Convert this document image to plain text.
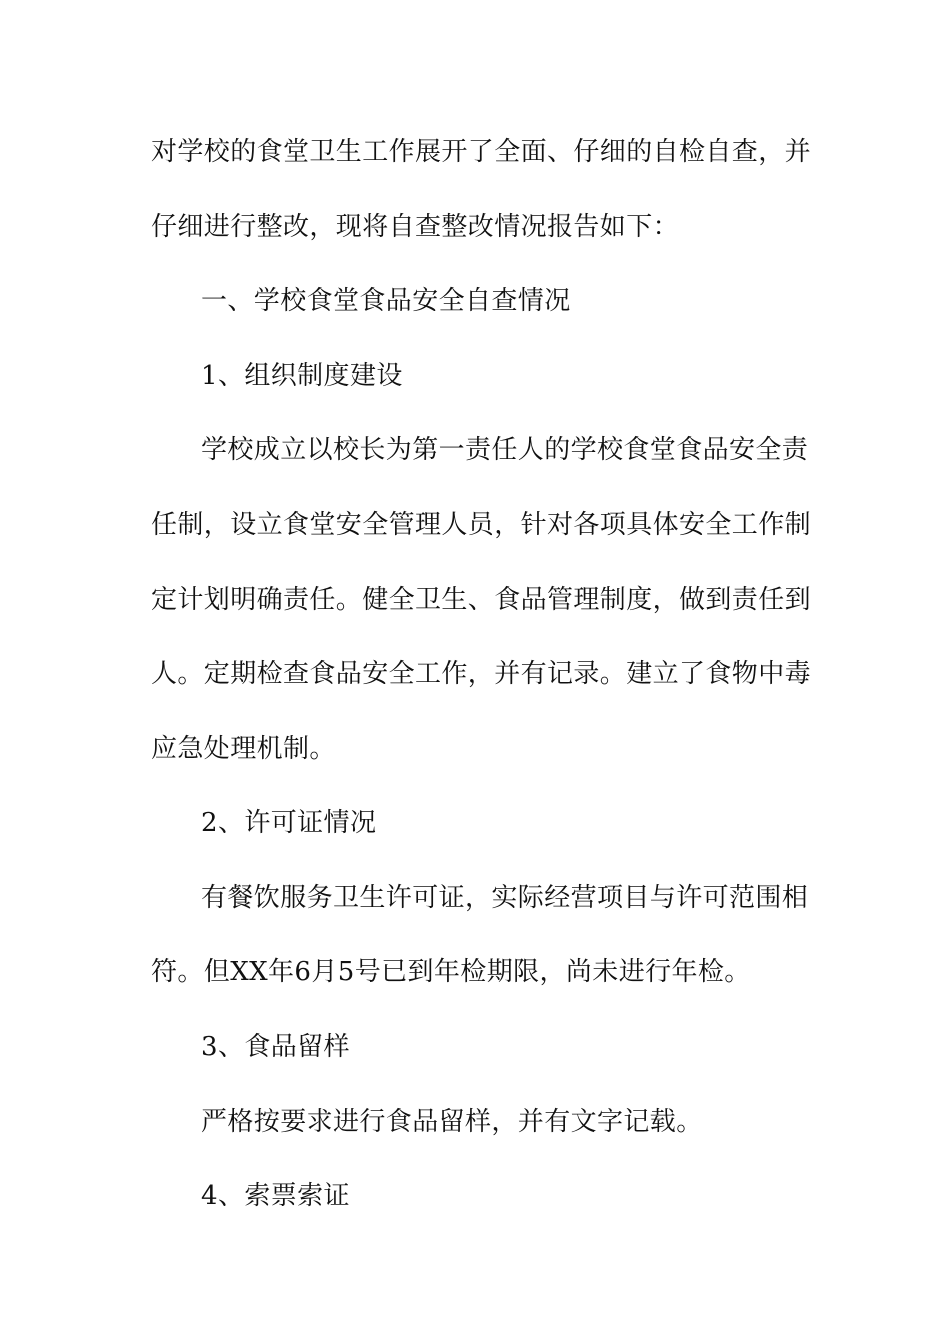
对学校的食堂卫生工作展开了全面、仔细的自检自查，并
仔细进行整改，现将自查整改情况报告如下：
一、学校食堂食品安全自查情况
1、组织制度建设
学校成立以校长为第一责任人的学校食堂食品安全责
任制，设立食堂安全管理人员，针对各项具体安全工作制
定计划明确责任。健全卫生、食品管理制度，做到责任到
人。定期检查食品安全工作，并有记录。建立了食物中毒
应急处理机制。
2、许可证情况
有餐饮服务卫生许可证，实际经营项目与许可范围相
符。但XX年6月5号已到年检期限，尚未进行年检。
3、食品留样
严格按要求进行食品留样，并有文字记载。
4、索票索证
